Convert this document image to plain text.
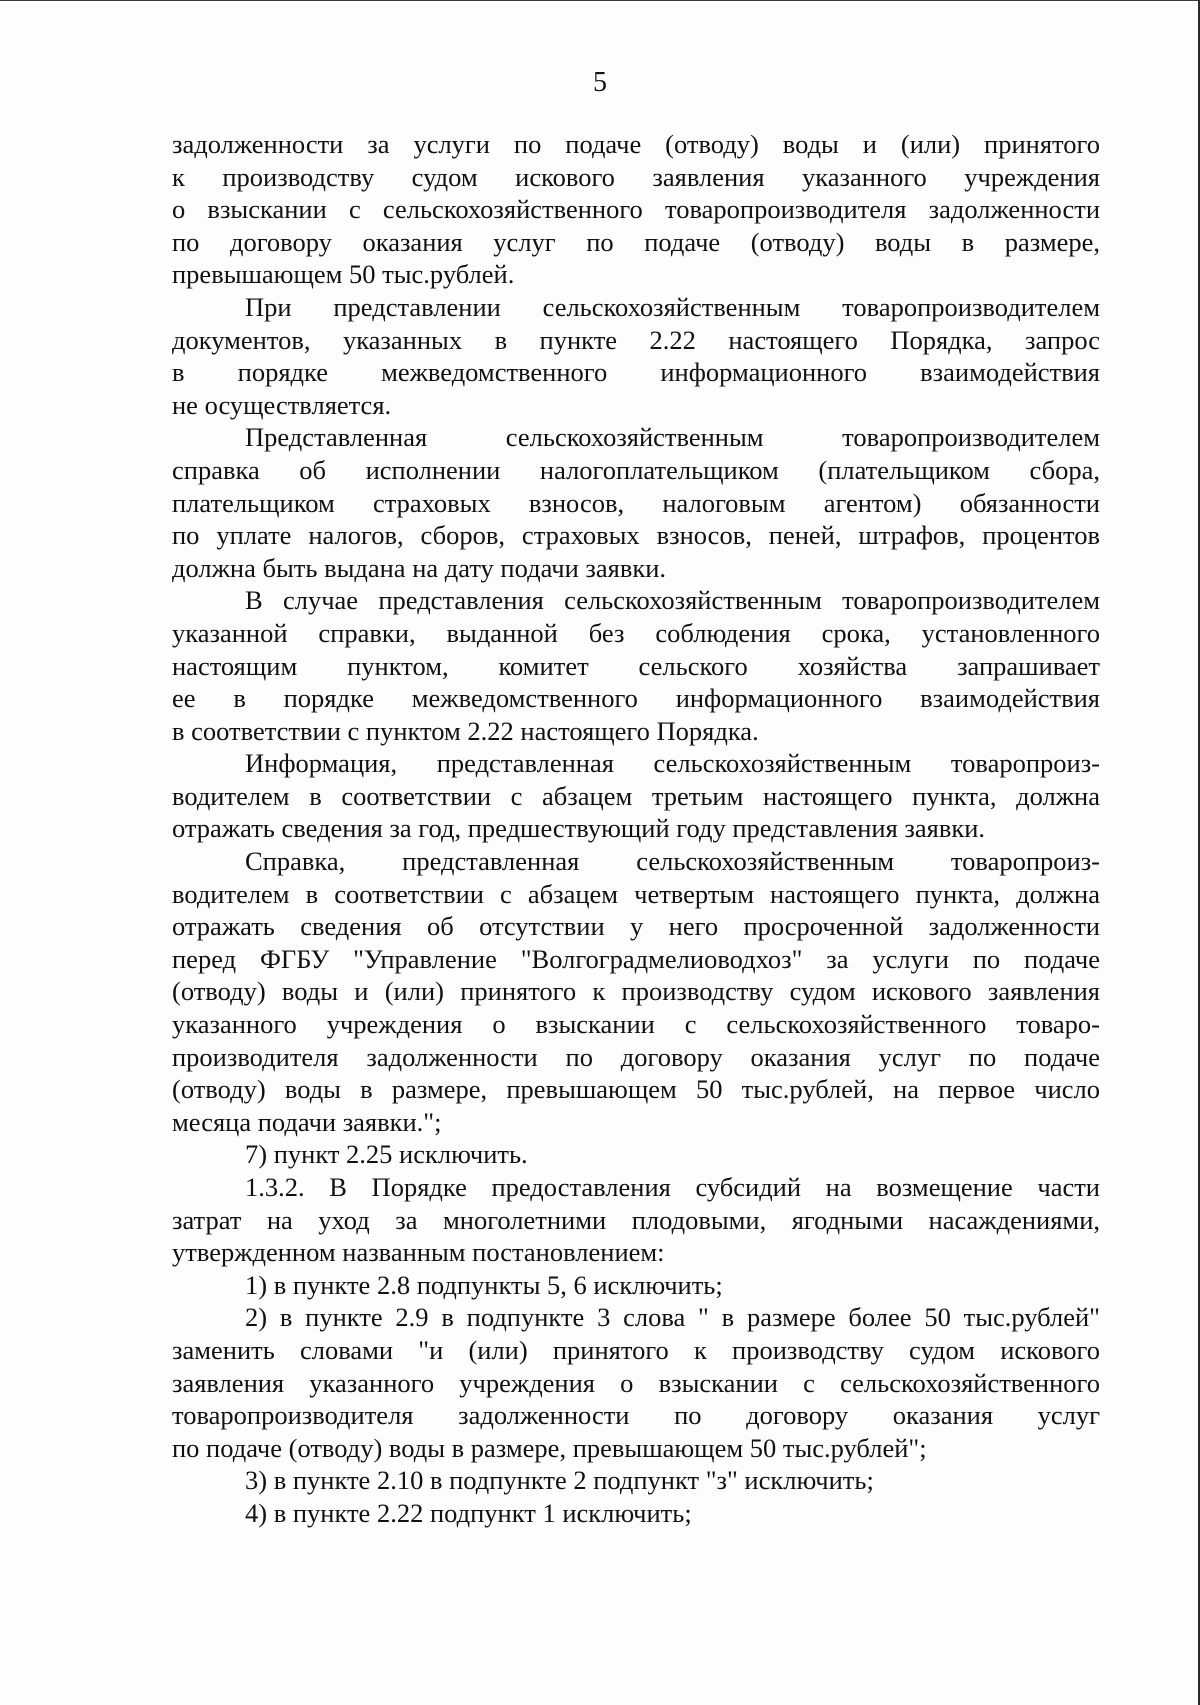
5
задолженности за услуги по подаче (отводу) воды и (или) принятого
к производству судом искового заявления указанного учреждения
о взыскании с сельскохозяйственного товаропроизводителя задолженности
по договору оказания услуг по подаче (отводу) воды в размере,
превышающем 50 тыс.рублей.
При представлении сельскохозяйственным товаропроизводителем
документов, указанных в пункте 2.22 настоящего Порядка, запрос
в порядке межведомственного информационного взаимодействия
не осуществляется.
Представленная сельскохозяйственным товаропроизводителем
справка об исполнении налогоплательщиком (плательщиком сбора,
плательщиком страховых взносов, налоговым агентом) обязанности
по уплате налогов, сборов, страховых взносов, пеней, штрафов, процентов
должна быть выдана на дату подачи заявки.
В случае представления сельскохозяйственным товаропроизводителем
указанной справки, выданной без соблюдения срока, установленного
настоящим пунктом, комитет сельского хозяйства запрашивает
ее в порядке межведомственного информационного взаимодействия
в соответствии с пунктом 2.22 настоящего Порядка.
Информация, представленная сельскохозяйственным товаропроиз-
водителем в соответствии с абзацем третьим настоящего пункта, должна
отражать сведения за год, предшествующий году представления заявки.
Справка, представленная сельскохозяйственным товаропроиз-
водителем в соответствии с абзацем четвертым настоящего пункта, должна
отражать сведения об отсутствии у него просроченной задолженности
перед ФГБУ "Управление "Волгоградмелиоводхоз" за услуги по подаче
(отводу) воды и (или) принятого к производству судом искового заявления
указанного учреждения о взыскании с сельскохозяйственного товаро-
производителя задолженности по договору оказания услуг по подаче
(отводу) воды в размере, превышающем 50 тыс.рублей, на первое число
месяца подачи заявки.";
7) пункт 2.25 исключить.
1.3.2. В Порядке предоставления субсидий на возмещение части
затрат на уход за многолетними плодовыми, ягодными насаждениями,
утвержденном названным постановлением:
1) в пункте 2.8 подпункты 5, 6 исключить;
2) в пункте 2.9 в подпункте 3 слова " в размере более 50 тыс.рублей"
заменить словами "и (или) принятого к производству судом искового
заявления указанного учреждения о взыскании с сельскохозяйственного
товаропроизводителя задолженности по договору оказания услуг
по подаче (отводу) воды в размере, превышающем 50 тыс.рублей";
3) в пункте 2.10 в подпункте 2 подпункт "з" исключить;
4) в пункте 2.22 подпункт 1 исключить;
